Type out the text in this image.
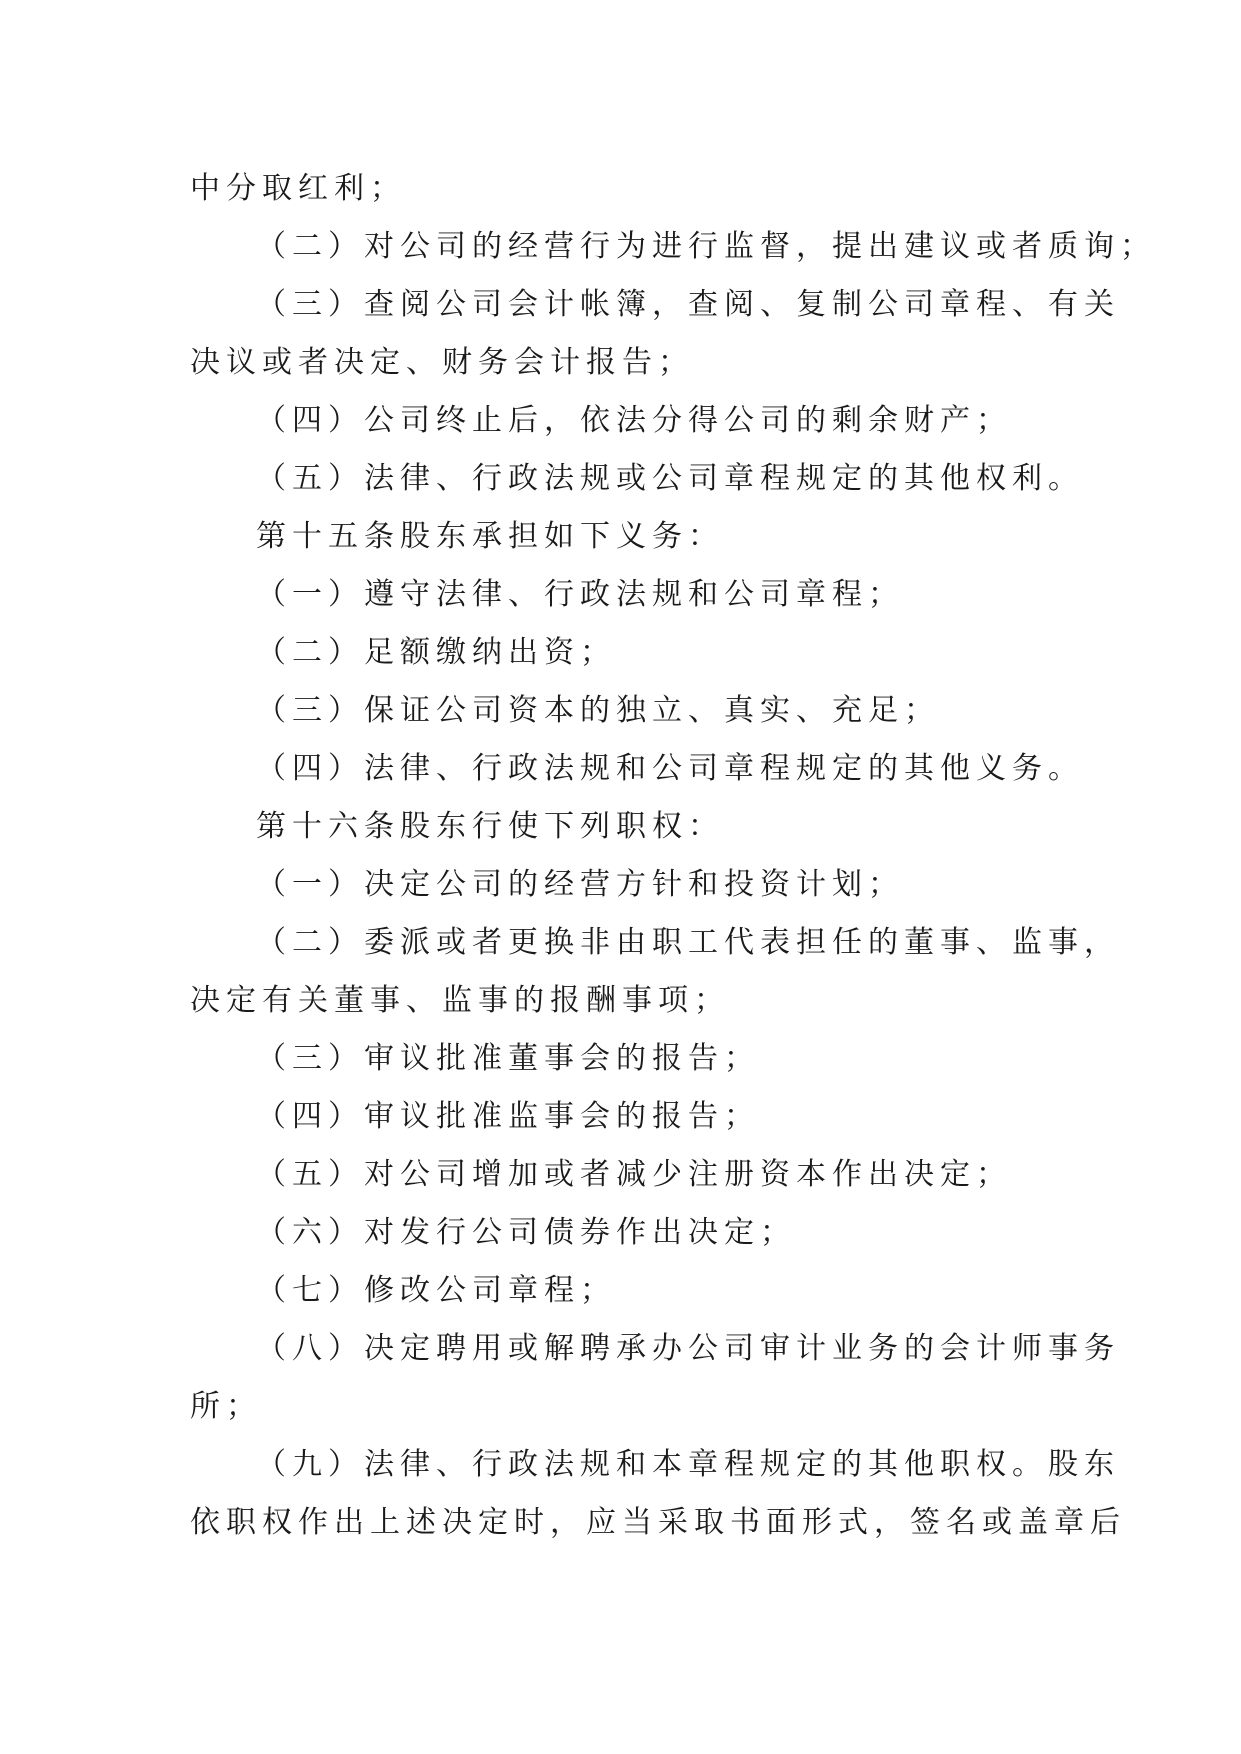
中分取红利；

（二）对公司的经营行为进行监督，提出建议或者质询；

（三）查阅公司会计帐簿，查阅、复制公司章程、有关

决议或者决定、财务会计报告；

（四）公司终止后，依法分得公司的剩余财产；

（五）法律、行政法规或公司章程规定的其他权利。

第十五条股东承担如下义务：

（一）遵守法律、行政法规和公司章程；

（二）足额缴纳出资；

（三）保证公司资本的独立、真实、充足；

（四）法律、行政法规和公司章程规定的其他义务。

第十六条股东行使下列职权：

（一）决定公司的经营方针和投资计划；

（二）委派或者更换非由职工代表担任的董事、监事，

决定有关董事、监事的报酬事项；

（三）审议批准董事会的报告；

（四）审议批准监事会的报告；

（五）对公司增加或者减少注册资本作出决定；

（六）对发行公司债券作出决定；

（七）修改公司章程；

（八）决定聘用或解聘承办公司审计业务的会计师事务

所；

（九）法律、行政法规和本章程规定的其他职权。股东

依职权作出上述决定时，应当采取书面形式，签名或盖章后
